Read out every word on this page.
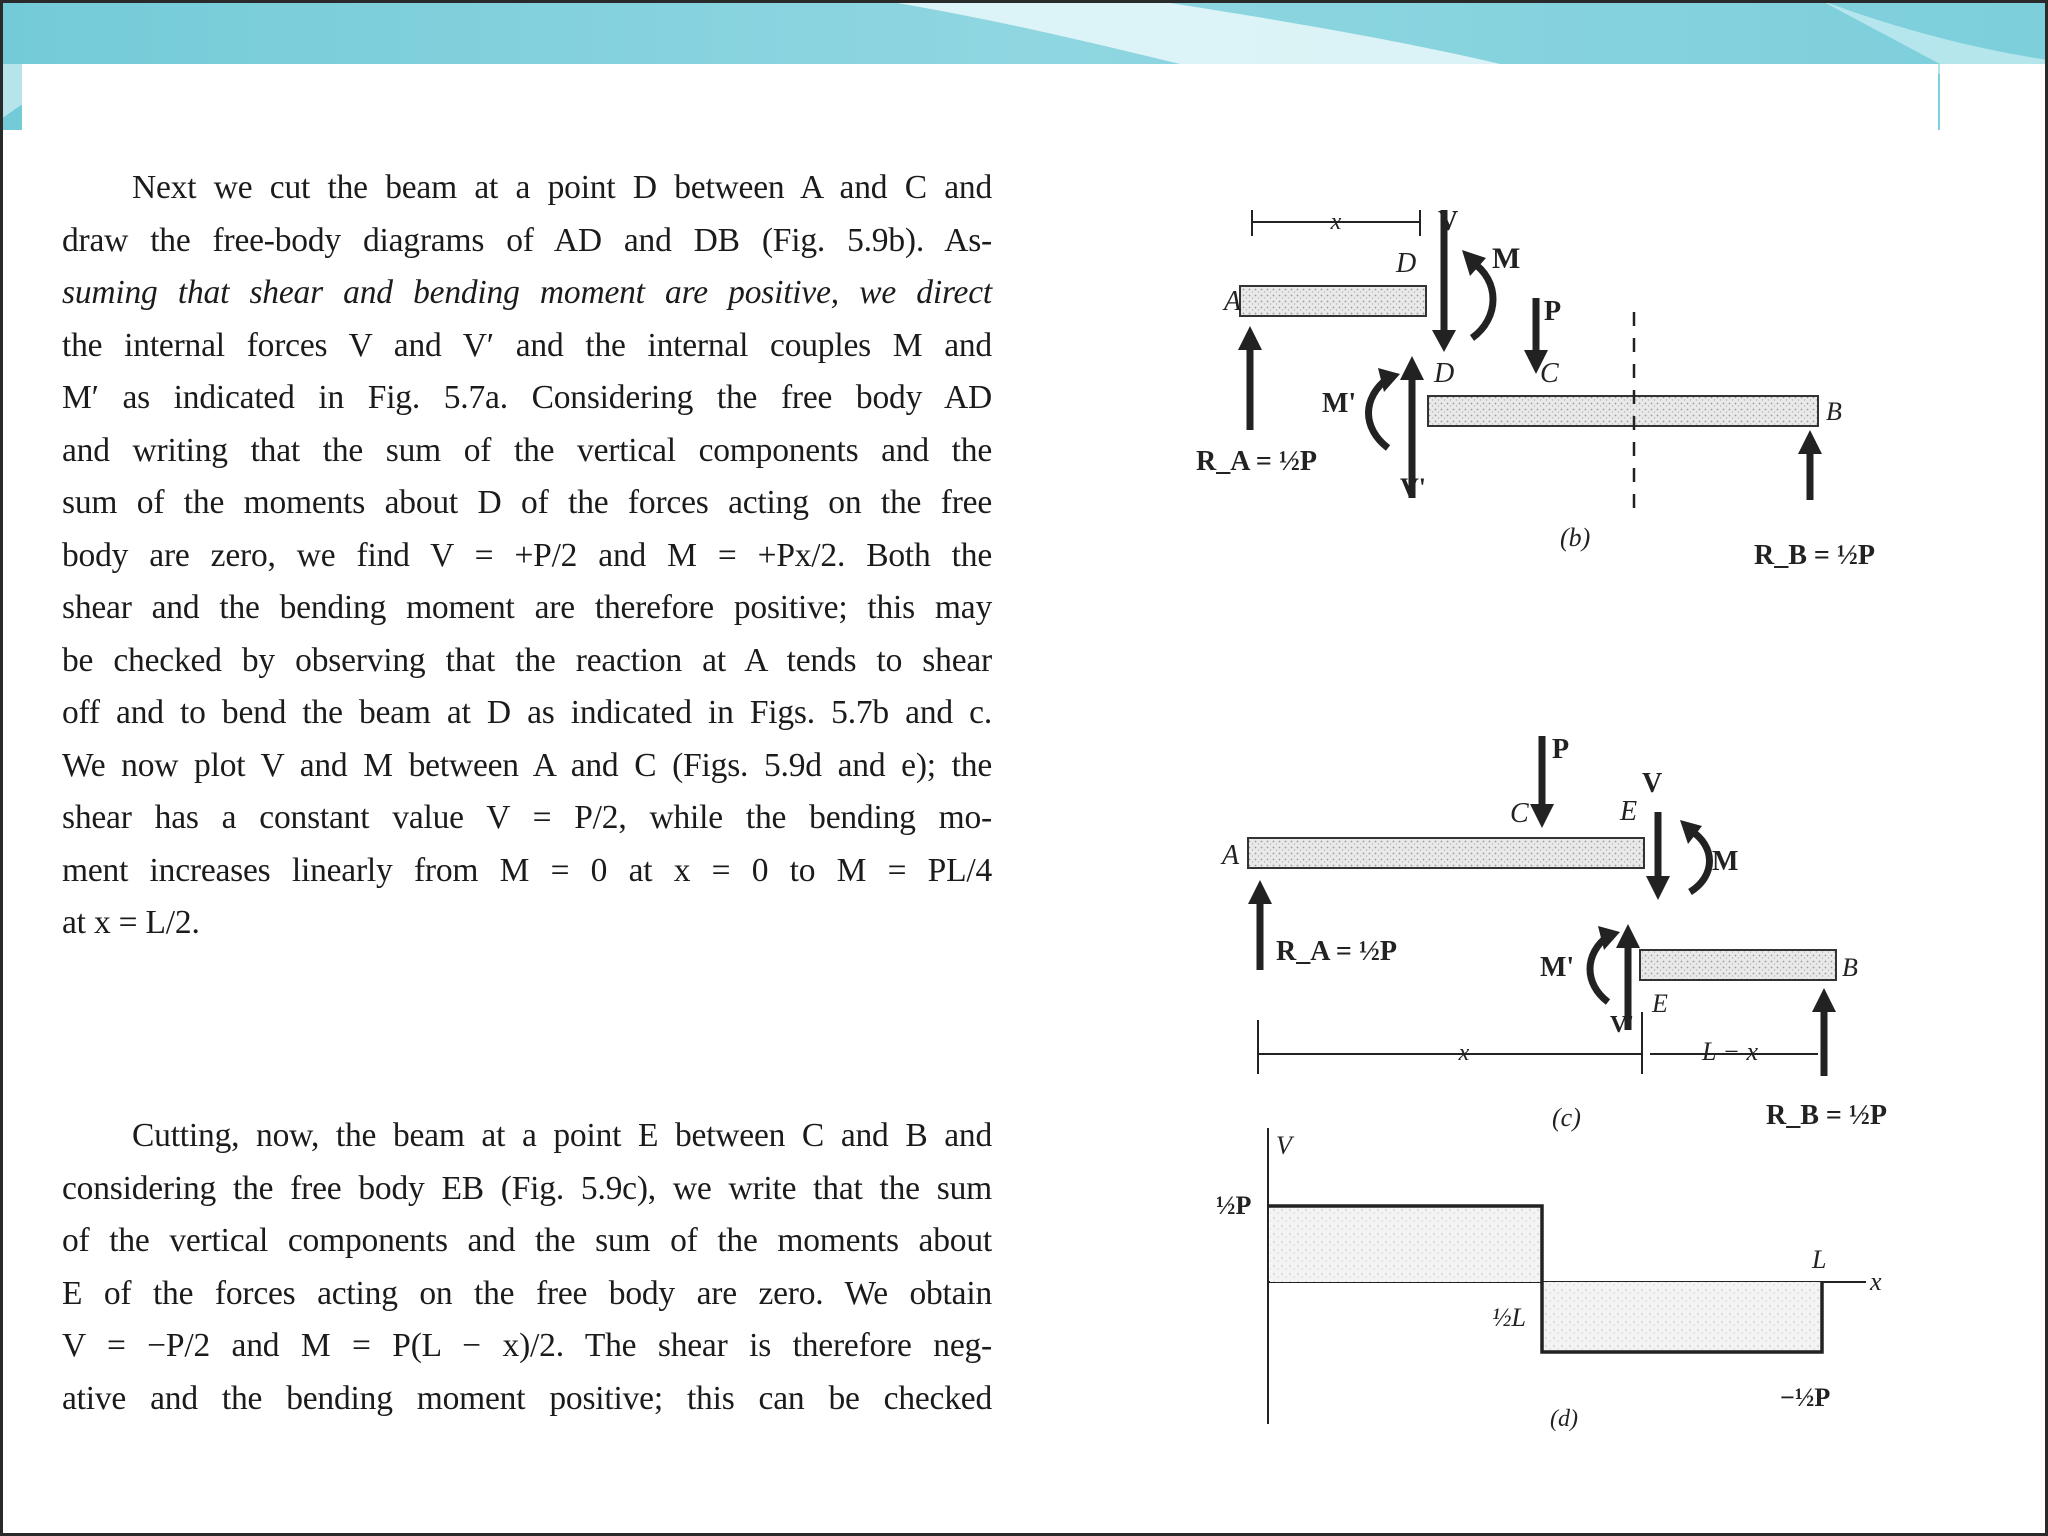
Next we cut the beam at a point D between A and C and
draw the free-body diagrams of AD and DB (Fig. 5.9b). As-
suming that shear and bending moment are positive, we direct
the internal forces V and V′ and the internal couples M and
M′ as indicated in Fig. 5.7a. Considering the free body AD
and writing that the sum of the vertical components and the
sum of the moments about D of the forces acting on the free
body are zero, we find V = +P/2 and M = +Px/2. Both the
shear and the bending moment are therefore positive; this may
be checked by observing that the reaction at A tends to shear
off and to bend the beam at D as indicated in Figs. 5.7b and c.
We now plot V and M between A and C (Figs. 5.9d and e); the
shear has a constant value V = P/2, while the bending mo-
ment increases linearly from M = 0 at x = 0 to M = PL/4
at x = L/2.
Cutting, now, the beam at a point E between C and B and
considering the free body EB (Fig. 5.9c), we write that the sum
of the vertical components and the sum of the moments about
E of the forces acting on the free body are zero. We obtain
V = −P/2 and M = P(L − x)/2. The shear is therefore neg-
ative and the bending moment positive; this can be checked
x
A
D
V
M
P
R_A = ½P
D	C
B
V'
M'
R_B = ½P
(b)
A
C	E
P
V
M
R_A = ½P
B
E
V'
M'
R_B = ½P
x	L − x
(c)
V
x
½P
−½P
½L
L
(d)
